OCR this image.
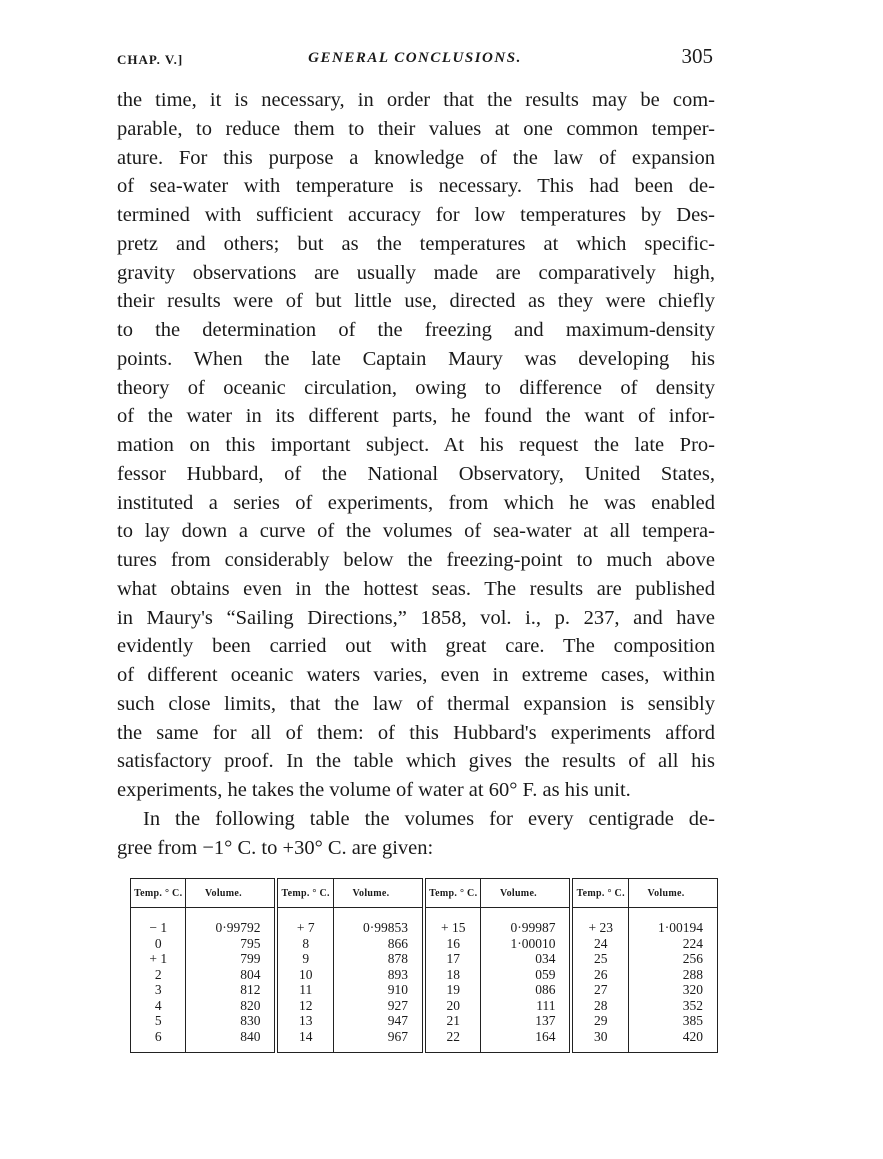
CHAP. V.]	GENERAL CONCLUSIONS.	305
the time, it is necessary, in order that the results may be com-
parable, to reduce them to their values at one common temper-
ature. For this purpose a knowledge of the law of expansion
of sea-water with temperature is necessary. This had been de-
termined with sufficient accuracy for low temperatures by Des-
pretz and others; but as the temperatures at which specific-
gravity observations are usually made are comparatively high,
their results were of but little use, directed as they were chiefly
to the determination of the freezing and maximum-density
points. When the late Captain Maury was developing his
theory of oceanic circulation, owing to difference of density
of the water in its different parts, he found the want of infor-
mation on this important subject. At his request the late Pro-
fessor Hubbard, of the National Observatory, United States,
instituted a series of experiments, from which he was enabled
to lay down a curve of the volumes of sea-water at all tempera-
tures from considerably below the freezing-point to much above
what obtains even in the hottest seas. The results are published
in Maury's “Sailing Directions,” 1858, vol. i., p. 237, and have
evidently been carried out with great care. The composition
of different oceanic waters varies, even in extreme cases, within
such close limits, that the law of thermal expansion is sensibly
the same for all of them: of this Hubbard's experiments afford
satisfactory proof. In the table which gives the results of all his
experiments, he takes the volume of water at 60° F. as his unit.
In the following table the volumes for every centigrade de-
gree from −1° C. to +30° C. are given:
Temp. ° C.	Volume.	Temp. ° C.	Volume.	Temp. ° C.	Volume.	Temp. ° C.	Volume.
− 1	0·99792	+ 7	0·99853	+ 15	0·99987	+ 23	1·00194
0	795	8	866	16	1·00010	24	224
+ 1	799	9	878	17	034	25	256
2	804	10	893	18	059	26	288
3	812	11	910	19	086	27	320
4	820	12	927	20	111	28	352
5	830	13	947	21	137	29	385
6	840	14	967	22	164	30	420
